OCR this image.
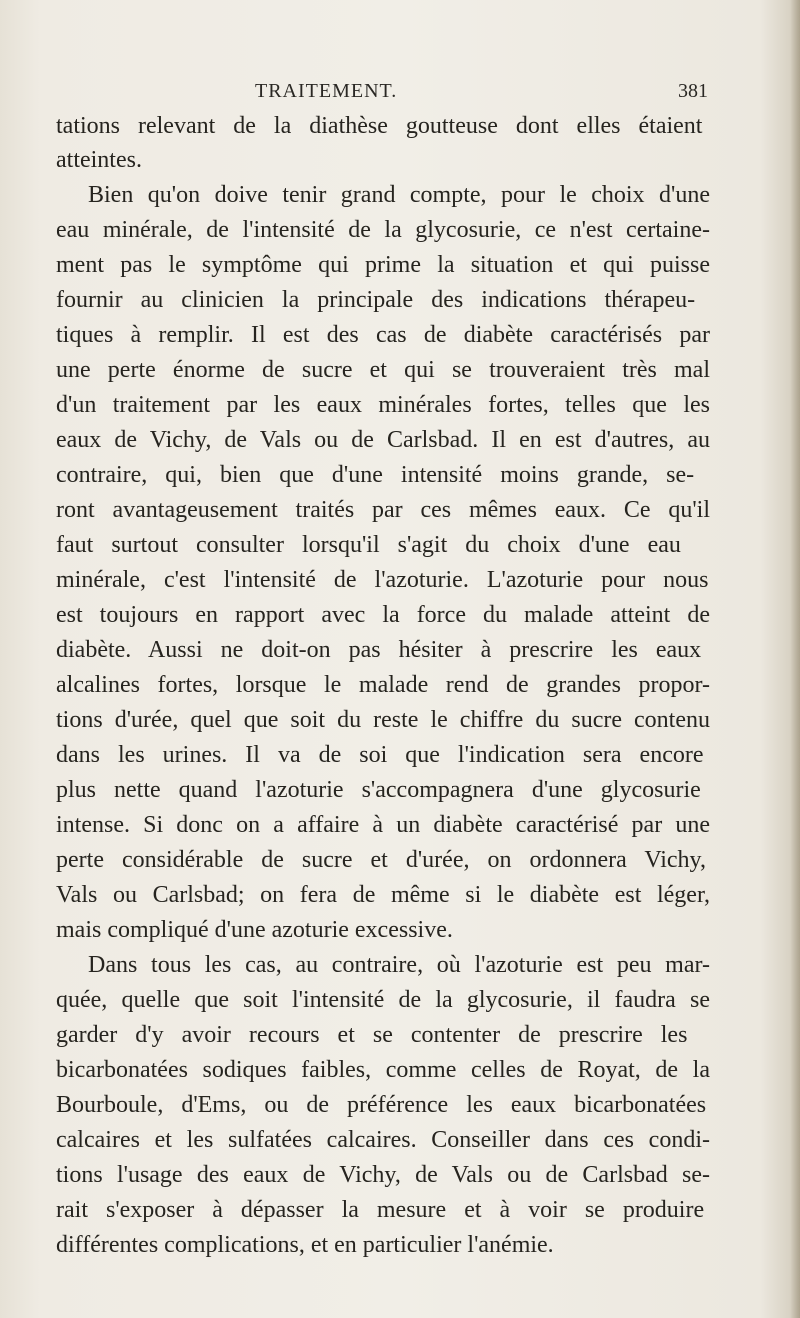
TRAITEMENT.	381
tations relevant de la diathèse goutteuse dont elles étaient
atteintes.
Bien qu'on doive tenir grand compte, pour le choix d'une
eau minérale, de l'intensité de la glycosurie, ce n'est certaine-
ment pas le symptôme qui prime la situation et qui puisse
fournir au clinicien la principale des indications thérapeu-
tiques à remplir. Il est des cas de diabète caractérisés par
une perte énorme de sucre et qui se trouveraient très mal
d'un traitement par les eaux minérales fortes, telles que les
eaux de Vichy, de Vals ou de Carlsbad. Il en est d'autres, au
contraire, qui, bien que d'une intensité moins grande, se-
ront avantageusement traités par ces mêmes eaux. Ce qu'il
faut surtout consulter lorsqu'il s'agit du choix d'une eau
minérale, c'est l'intensité de l'azoturie. L'azoturie pour nous
est toujours en rapport avec la force du malade atteint de
diabète. Aussi ne doit-on pas hésiter à prescrire les eaux
alcalines fortes, lorsque le malade rend de grandes propor-
tions d'urée, quel que soit du reste le chiffre du sucre contenu
dans les urines. Il va de soi que l'indication sera encore
plus nette quand l'azoturie s'accompagnera d'une glycosurie
intense. Si donc on a affaire à un diabète caractérisé par une
perte considérable de sucre et d'urée, on ordonnera Vichy,
Vals ou Carlsbad; on fera de même si le diabète est léger,
mais compliqué d'une azoturie excessive.
Dans tous les cas, au contraire, où l'azoturie est peu mar-
quée, quelle que soit l'intensité de la glycosurie, il faudra se
garder d'y avoir recours et se contenter de prescrire les
bicarbonatées sodiques faibles, comme celles de Royat, de la
Bourboule, d'Ems, ou de préférence les eaux bicarbonatées
calcaires et les sulfatées calcaires. Conseiller dans ces condi-
tions l'usage des eaux de Vichy, de Vals ou de Carlsbad se-
rait s'exposer à dépasser la mesure et à voir se produire
différentes complications, et en particulier l'anémie.
